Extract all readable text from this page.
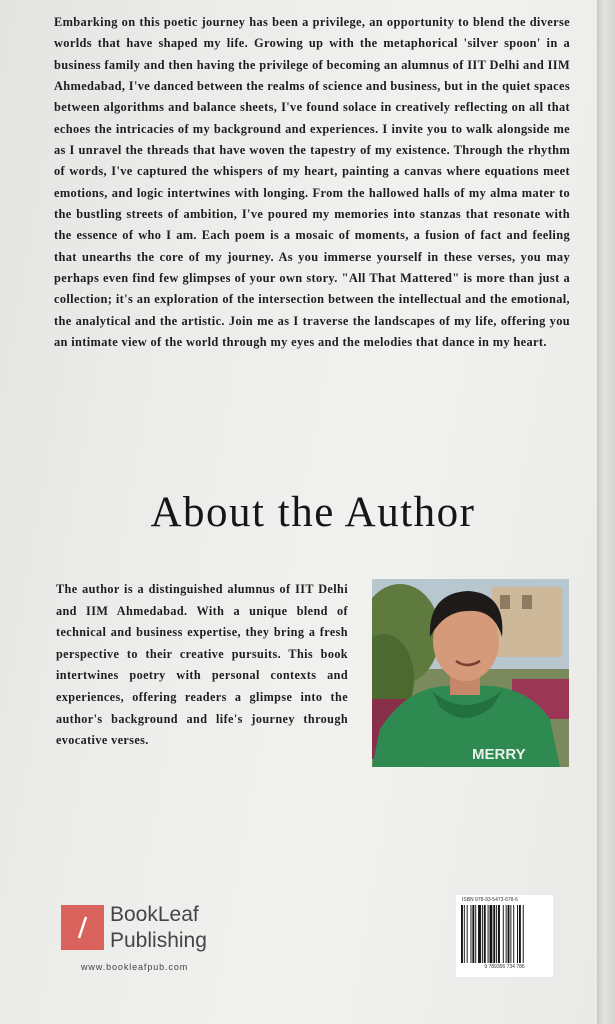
Embarking on this poetic journey has been a privilege, an opportunity to blend the diverse worlds that have shaped my life. Growing up with the metaphorical 'silver spoon' in a business family and then having the privilege of becoming an alumnus of IIT Delhi and IIM Ahmedabad, I've danced between the realms of science and business, but in the quiet spaces between algorithms and balance sheets, I've found solace in creatively reflecting on all that echoes the intricacies of my background and experiences. I invite you to walk alongside me as I unravel the threads that have woven the tapestry of my existence. Through the rhythm of words, I've captured the whispers of my heart, painting a canvas where equations meet emotions, and logic intertwines with longing. From the hallowed halls of my alma mater to the bustling streets of ambition, I've poured my memories into stanzas that resonate with the essence of who I am. Each poem is a mosaic of moments, a fusion of fact and feeling that unearths the core of my journey. As you immerse yourself in these verses, you may perhaps even find few glimpses of your own story. "All That Mattered" is more than just a collection; it's an exploration of the intersection between the intellectual and the emotional, the analytical and the artistic. Join me as I traverse the landscapes of my life, offering you an intimate view of the world through my eyes and the melodies that dance in my heart.
About the Author
The author is a distinguished alumnus of IIT Delhi and IIM Ahmedabad. With a unique blend of technical and business expertise, they bring a fresh perspective to their creative pursuits. This book intertwines poetry with personal contexts and experiences, offering readers a glimpse into the author's background and life's journey through evocative verses.
MERRY
BookLeaf
Publishing
www.bookleafpub.com
ISBN 978-93-5473-678-6
9 789356 734 786
